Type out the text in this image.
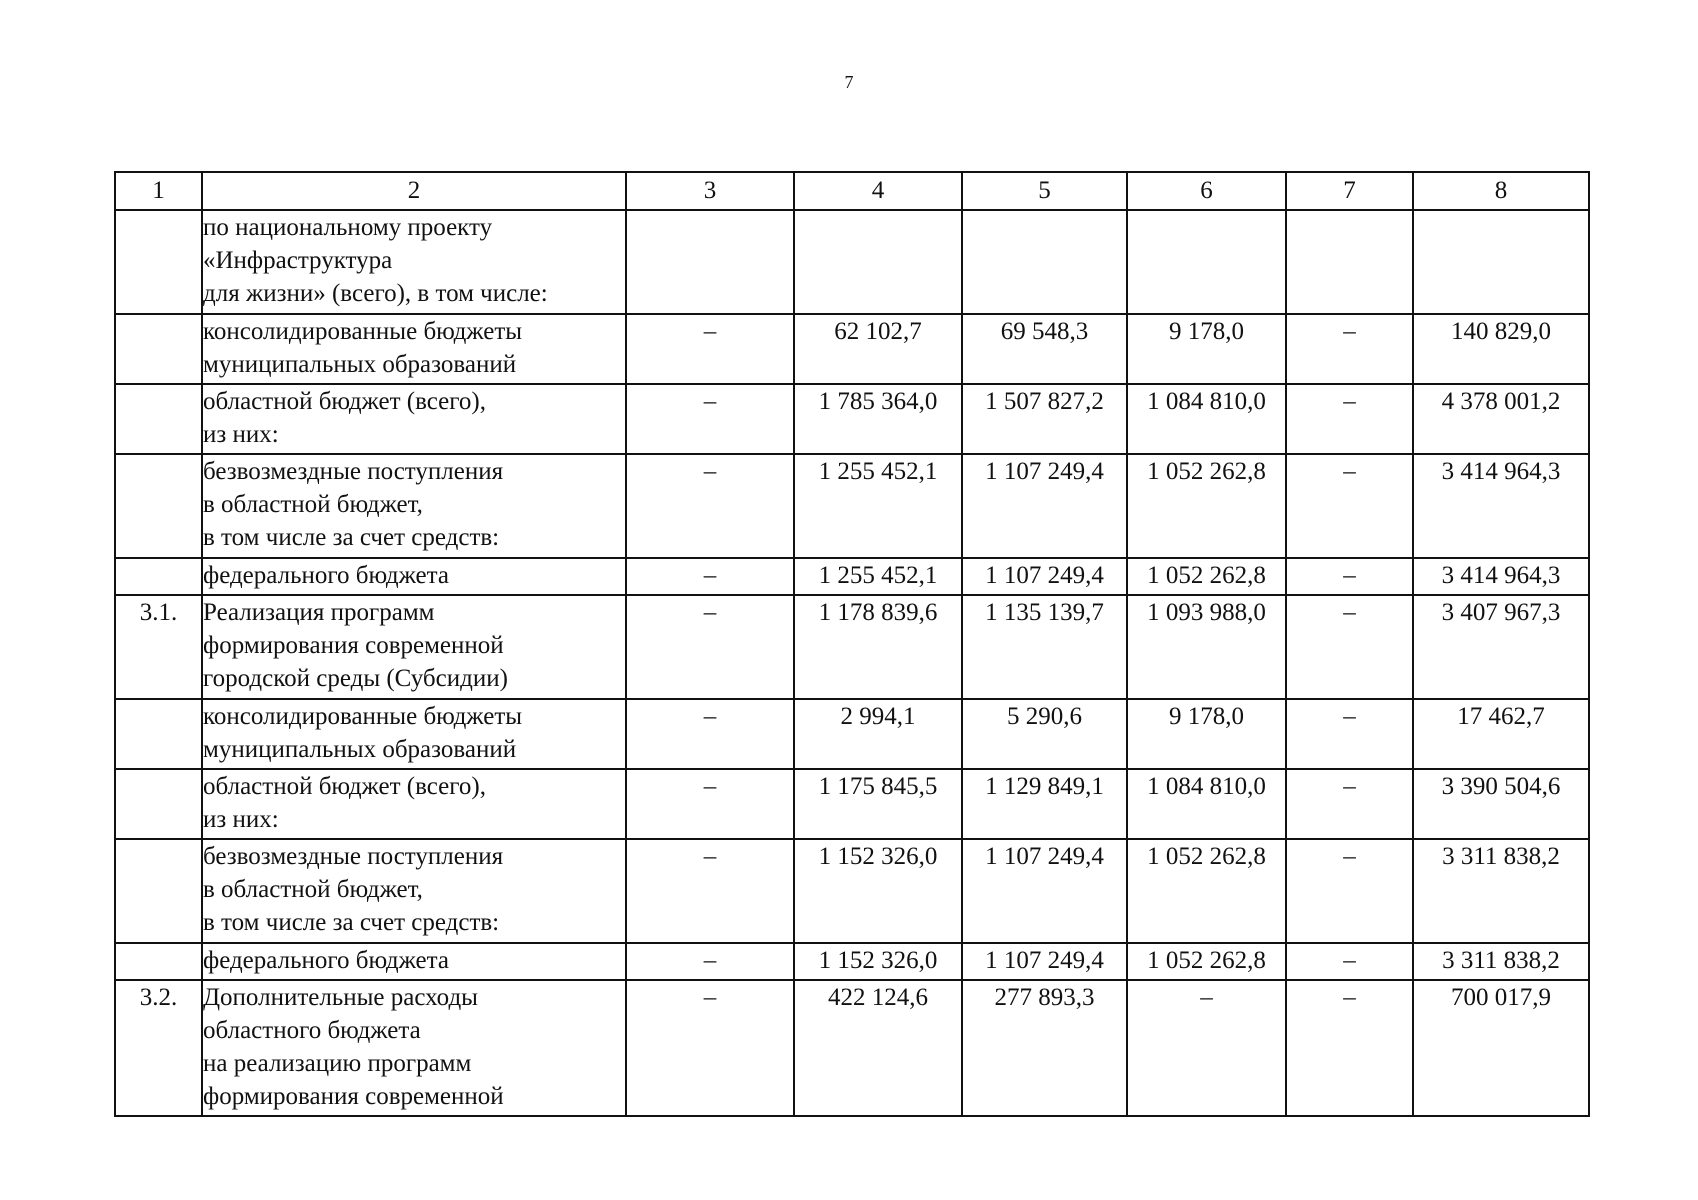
7
1	2	3	4	5	6	7	8

	по национальному проекту
«Инфраструктура
для жизни» (всего), в том числе:						

	консолидированные бюджеты
муниципальных образований	–	62 102,7	69 548,3	9 178,0	–	140 829,0

	областной бюджет (всего),
из них:	–	1 785 364,0	1 507 827,2	1 084 810,0	–	4 378 001,2

	безвозмездные поступления
в областной бюджет,
в том числе за счет средств:	–	1 255 452,1	1 107 249,4	1 052 262,8	–	3 414 964,3

	федерального бюджета	–	1 255 452,1	1 107 249,4	1 052 262,8	–	3 414 964,3
3.1.	Реализация программ
формирования современной
городской среды (Субсидии)	–	1 178 839,6	1 135 139,7	1 093 988,0	–	3 407 967,3

	консолидированные бюджеты
муниципальных образований	–	2 994,1	5 290,6	9 178,0	–	17 462,7

	областной бюджет (всего),
из них:	–	1 175 845,5	1 129 849,1	1 084 810,0	–	3 390 504,6

	безвозмездные поступления
в областной бюджет,
в том числе за счет средств:	–	1 152 326,0	1 107 249,4	1 052 262,8	–	3 311 838,2

	федерального бюджета	–	1 152 326,0	1 107 249,4	1 052 262,8	–	3 311 838,2
3.2.	Дополнительные расходы
областного бюджета
на реализацию программ
формирования современной	–	422 124,6	277 893,3	–	–	700 017,9
